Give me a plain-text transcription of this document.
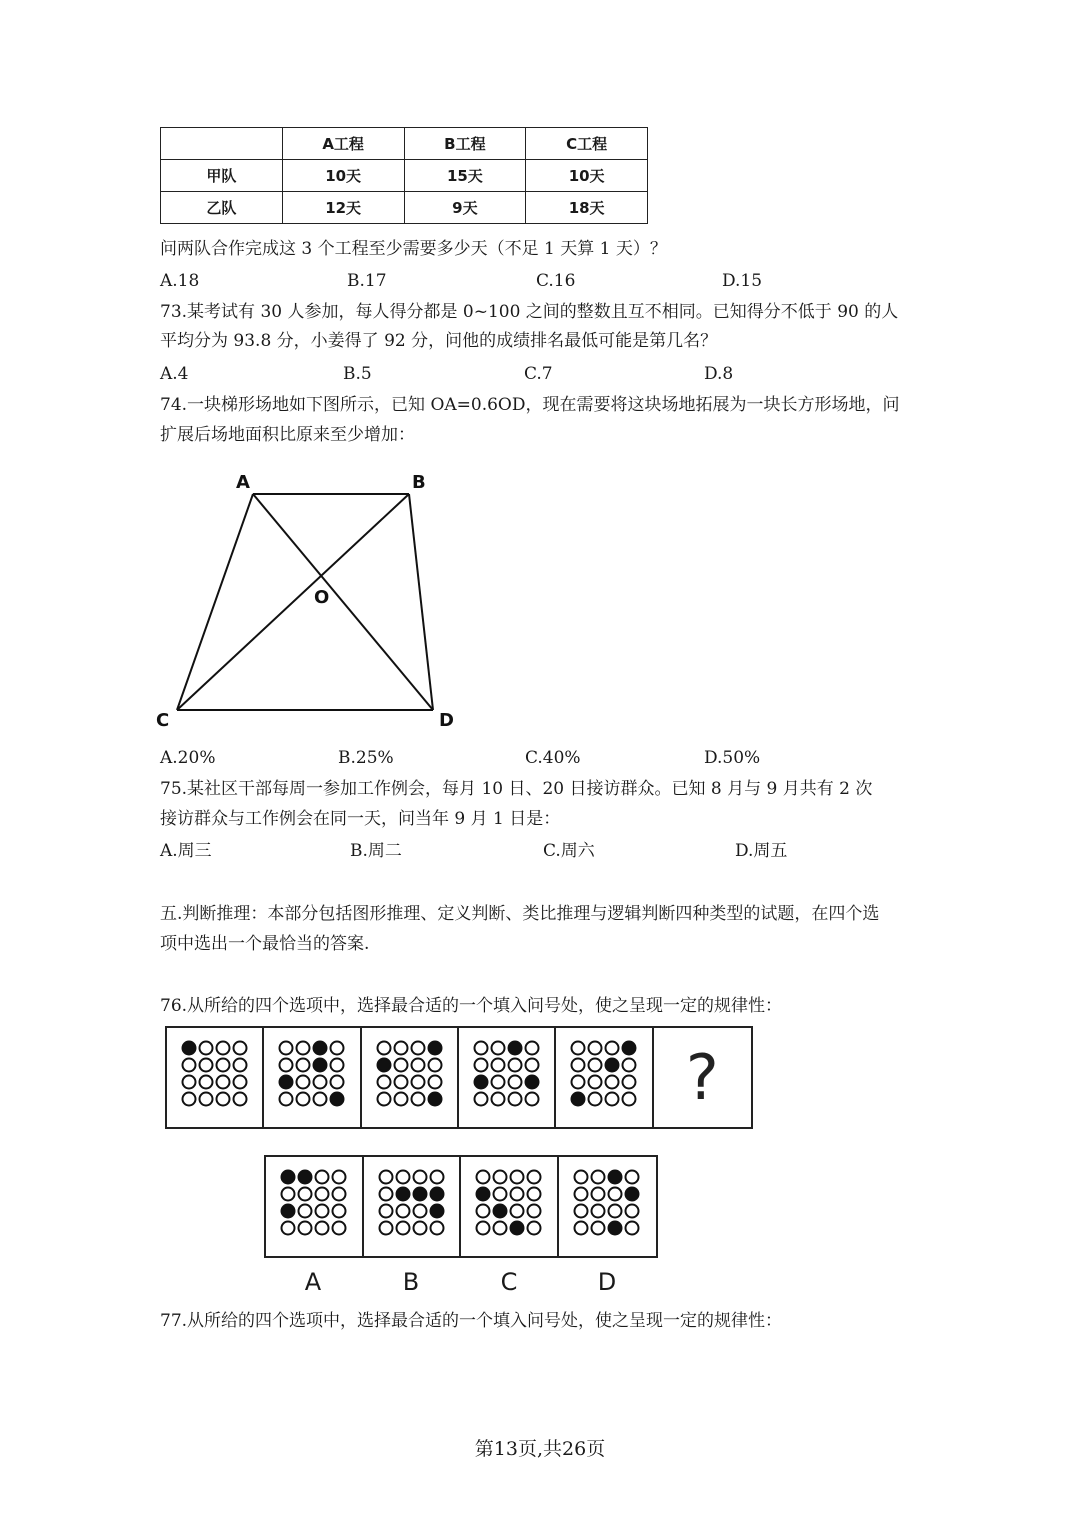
	A工程	B工程	C工程
甲队	10天	15天	10天
乙队	12天	9天	18天
问两队合作完成这 3 个工程至少需要多少天（不足 1 天算 1 天）？
A.18	B.17	C.16	D.15
73.某考试有 30 人参加，每人得分都是 0~100 之间的整数且互不相同。已知得分不低于 90 的人
平均分为 93.8 分，小姜得了 92 分，问他的成绩排名最低可能是第几名？
A.4	B.5	C.7	D.8
74.一块梯形场地如下图所示，已知 OA=0.6OD，现在需要将这块场地拓展为一块长方形场地，问
扩展后场地面积比原来至少增加：
A	B
C	D
O
A.20%	B.25%	C.40%	D.50%
75.某社区干部每周一参加工作例会，每月 10 日、20 日接访群众。已知 8 月与 9 月共有 2 次
接访群众与工作例会在同一天，问当年 9 月 1 日是：
A.周三	B.周二	C.周六	D.周五
五.判断推理：本部分包括图形推理、定义判断、类比推理与逻辑判断四种类型的试题，在四个选
项中选出一个最恰当的答案.
76.从所给的四个选项中，选择最合适的一个填入问号处，使之呈现一定的规律性：
?
A	B	C	D
77.从所给的四个选项中，选择最合适的一个填入问号处，使之呈现一定的规律性：
第13页,共26页
